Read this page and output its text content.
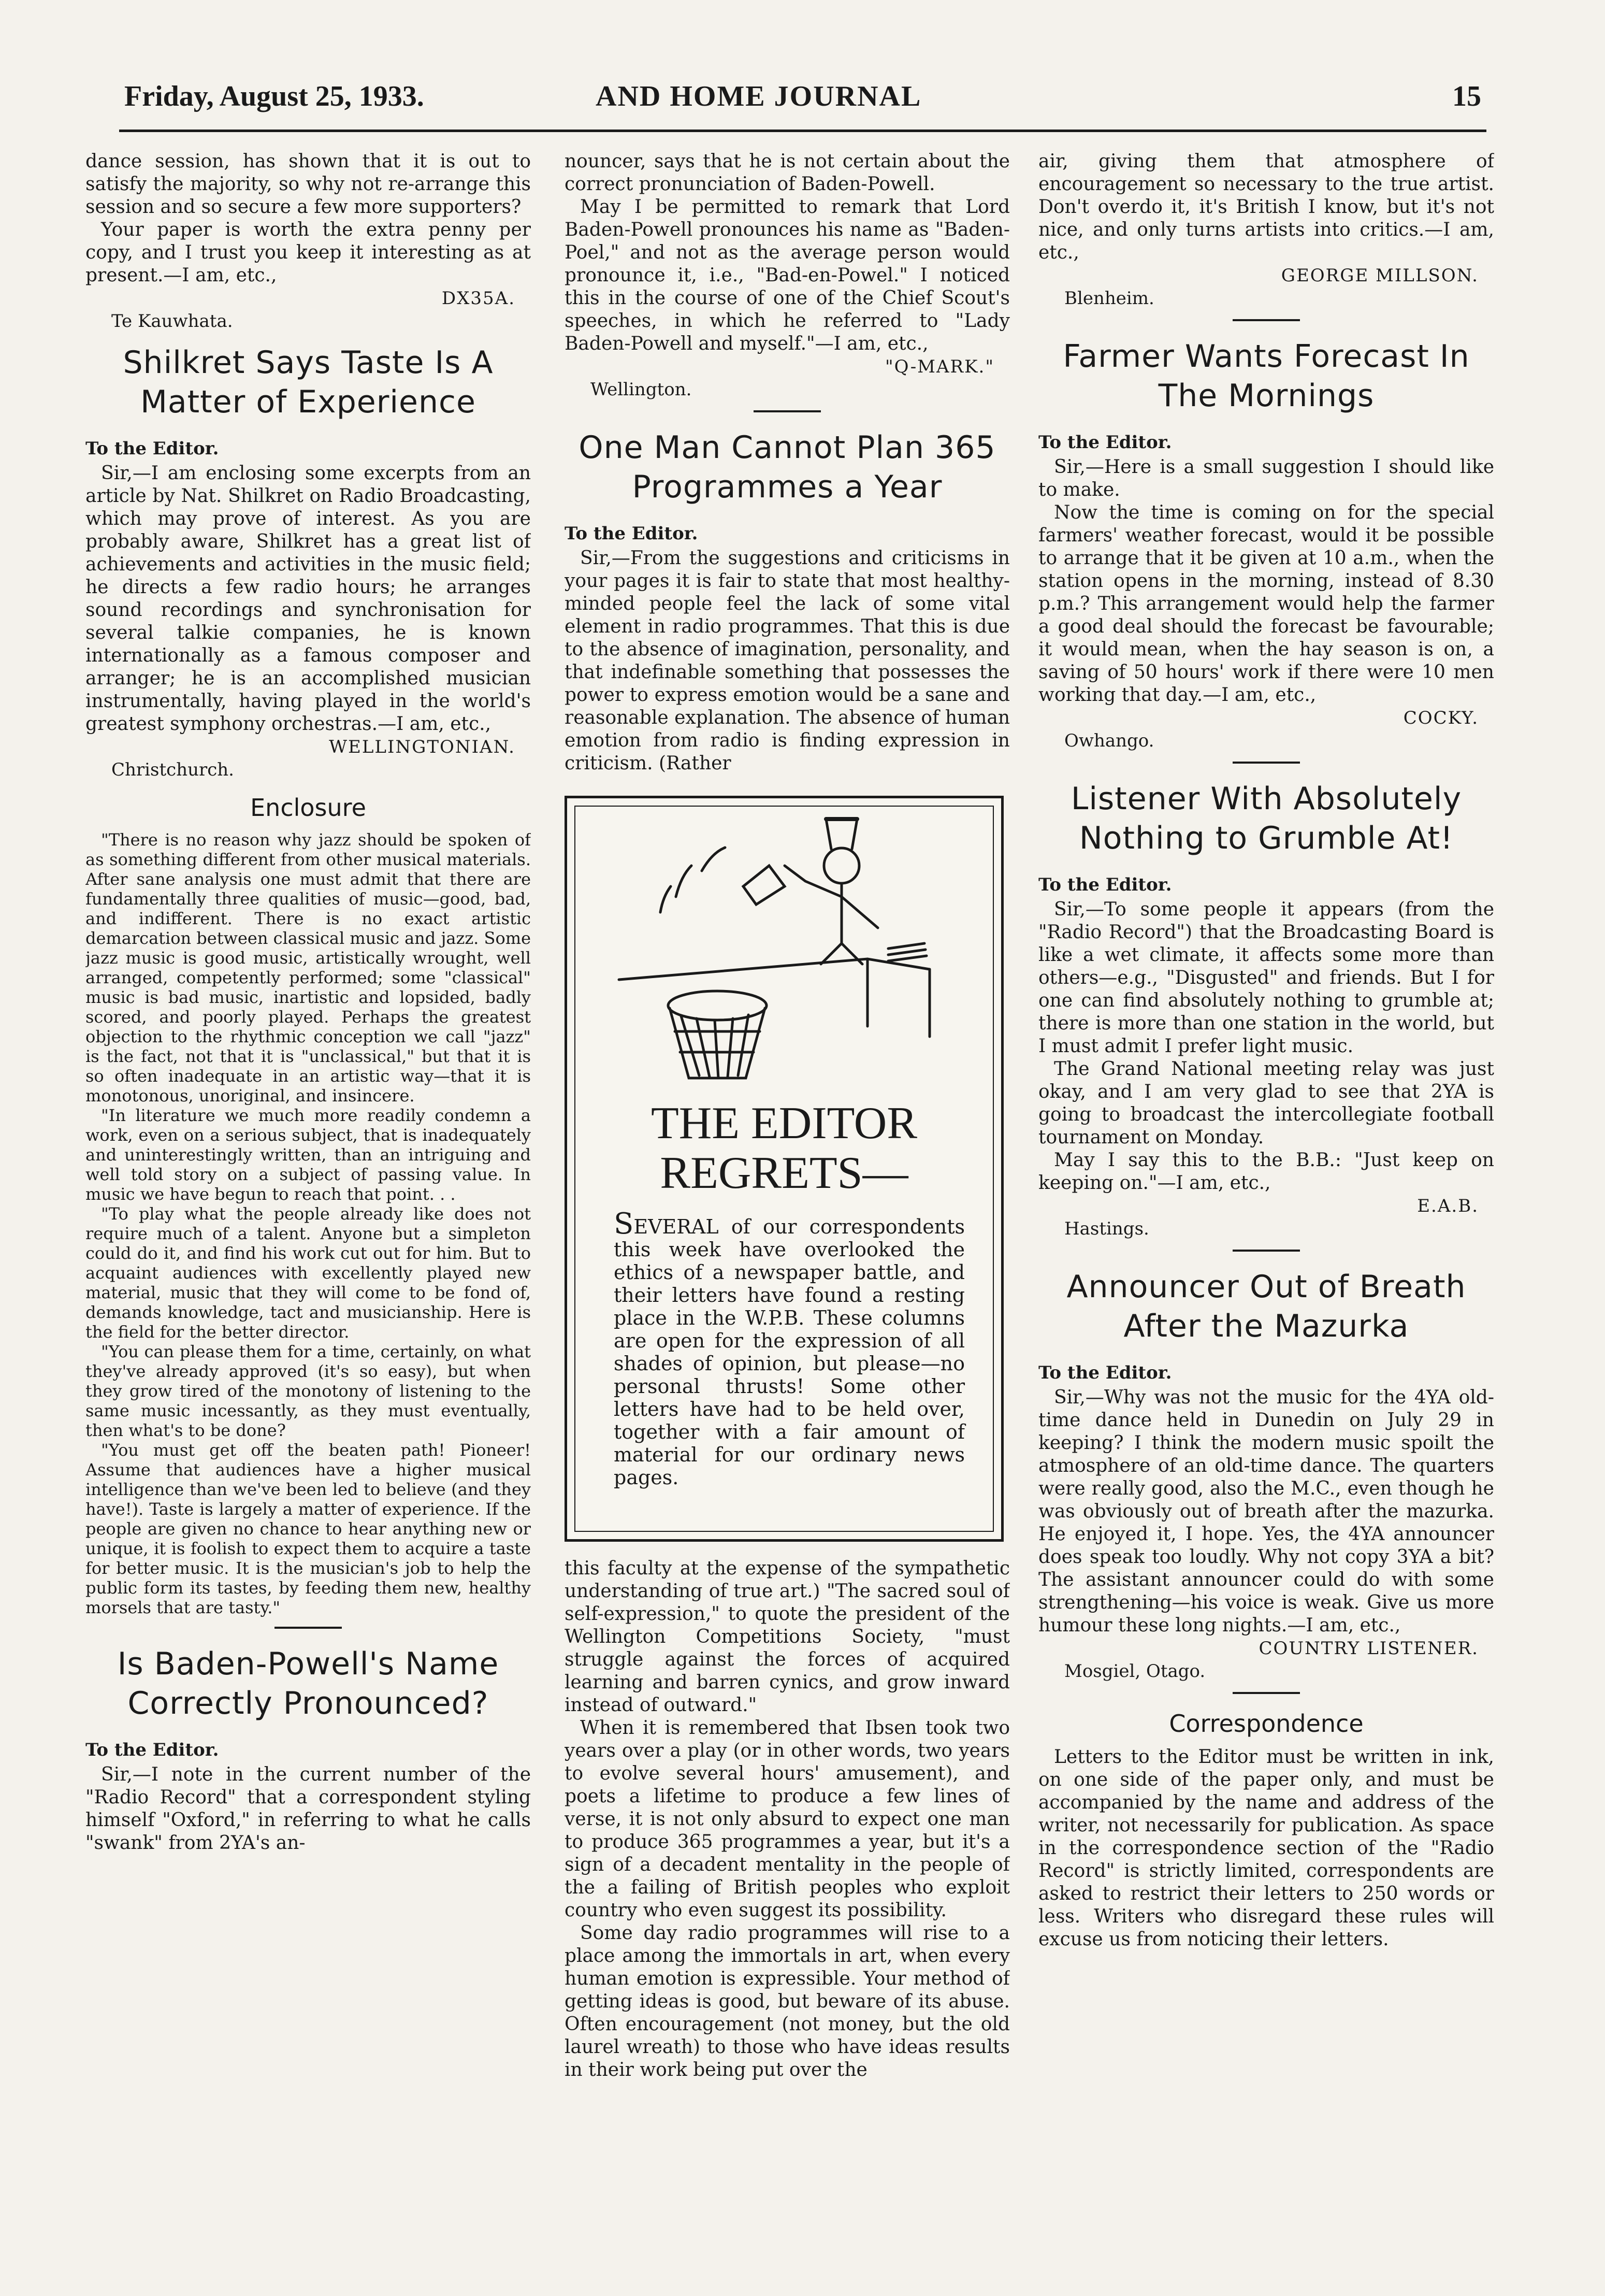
Friday, August 25, 1933.	AND HOME JOURNAL	15

dance session, has shown that it is out to satisfy the majority, so why not re-arrange this session and so secure a few more supporters?

Your paper is worth the extra penny per copy, and I trust you keep it interesting as at present.—I am, etc.,

DX35A.
Te Kauwhata.
Shilkret Says Taste Is A Matter of Experience
To the Editor.

Sir,—I am enclosing some excerpts from an article by Nat. Shilkret on Radio Broadcasting, which may prove of interest. As you are probably aware, Shilkret has a great list of achievements and activities in the music field; he directs a few radio hours; he arranges sound recordings and synchronisation for several talkie companies, he is known internationally as a famous composer and arranger; he is an accomplished musician instrumentally, having played in the world's greatest symphony orchestras.—I am, etc.,

WELLINGTONIAN.
Christchurch.
Enclosure

"There is no reason why jazz should be spoken of as something different from other musical materials. After sane analysis one must admit that there are fundamentally three qualities of music—good, bad, and indifferent. There is no exact artistic demarcation between classical music and jazz. Some jazz music is good music, artistically wrought, well arranged, competently performed; some "classical" music is bad music, inartistic and lopsided, badly scored, and poorly played. Perhaps the greatest objection to the rhythmic conception we call "jazz" is the fact, not that it is "unclassical," but that it is so often inadequate in an artistic way—that it is monotonous, unoriginal, and insincere.

"In literature we much more readily condemn a work, even on a serious subject, that is inadequately and uninterestingly written, than an intriguing and well told story on a subject of passing value. In music we have begun to reach that point. . .

"To play what the people already like does not require much of a talent. Anyone but a simpleton could do it, and find his work cut out for him. But to acquaint audiences with excellently played new material, music that they will come to be fond of, demands knowledge, tact and musicianship. Here is the field for the better director.

"You can please them for a time, certainly, on what they've already approved (it's so easy), but when they grow tired of the monotony of listening to the same music incessantly, as they must eventually, then what's to be done?

"You must get off the beaten path! Pioneer! Assume that audiences have a higher musical intelligence than we've been led to believe (and they have!). Taste is largely a matter of experience. If the people are given no chance to hear anything new or unique, it is foolish to expect them to acquire a taste for better music. It is the musician's job to help the public form its tastes, by feeding them new, healthy morsels that are tasty."

Is Baden-Powell's Name Correctly Pronounced?
To the Editor.

Sir,—I note in the current number of the "Radio Record" that a correspondent styling himself "Oxford," in referring to what he calls "swank" from 2YA's an-

nouncer, says that he is not certain about the correct pronunciation of Baden-Powell.

May I be permitted to remark that Lord Baden-Powell pronounces his name as "Baden-Poel," and not as the average person would pronounce it, i.e., "Bad-en-Powel." I noticed this in the course of one of the Chief Scout's speeches, in which he referred to "Lady Baden-Powell and myself."—I am, etc.,

"Q-MARK."
Wellington.
One Man Cannot Plan 365 Programmes a Year
To the Editor.

Sir,—From the suggestions and criticisms in your pages it is fair to state that most healthy-minded people feel the lack of some vital element in radio programmes. That this is due to the absence of imagination, personality, and that indefinable something that possesses the power to express emotion would be a sane and reasonable explanation. The absence of human emotion from radio is finding expression in criticism. (Rather

THE EDITOR
REGRETS—
SEVERAL of our correspondents this week have overlooked the ethics of a newspaper battle, and their letters have found a resting place in the W.P.B. These columns are open for the expression of all shades of opinion, but please—no personal thrusts! Some other letters have had to be held over, together with a fair amount of material for our ordinary news pages.

this faculty at the expense of the sympathetic understanding of true art.) "The sacred soul of self-expression," to quote the president of the Wellington Competitions Society, "must struggle against the forces of acquired learning and barren cynics, and grow inward instead of outward."

When it is remembered that Ibsen took two years over a play (or in other words, two years to evolve several hours' amusement), and poets a lifetime to produce a few lines of verse, it is not only absurd to expect one man to produce 365 programmes a year, but it's a sign of a decadent mentality in the people of the a failing of British peoples who exploit country who even suggest its possibility.

Some day radio programmes will rise to a place among the immortals in art, when every human emotion is expressible. Your method of getting ideas is good, but beware of its abuse. Often encouragement (not money, but the old laurel wreath) to those who have ideas results in their work being put over the

air, giving them that atmosphere of encouragement so necessary to the true artist. Don't overdo it, it's British I know, but it's not nice, and only turns artists into critics.—I am, etc.,

GEORGE MILLSON.
Blenheim.
Farmer Wants Forecast In The Mornings
To the Editor.

Sir,—Here is a small suggestion I should like to make.

Now the time is coming on for the special farmers' weather forecast, would it be possible to arrange that it be given at 10 a.m., when the station opens in the morning, instead of 8.30 p.m.? This arrangement would help the farmer a good deal should the forecast be favourable; it would mean, when the hay season is on, a saving of 50 hours' work if there were 10 men working that day.—I am, etc.,

COCKY.
Owhango.
Listener With Absolutely Nothing to Grumble At!
To the Editor.

Sir,—To some people it appears (from the "Radio Record") that the Broadcasting Board is like a wet climate, it affects some more than others—e.g., "Disgusted" and friends. But I for one can find absolutely nothing to grumble at; there is more than one station in the world, but I must admit I prefer light music.

The Grand National meeting relay was just okay, and I am very glad to see that 2YA is going to broadcast the intercollegiate football tournament on Monday.

May I say this to the B.B.: "Just keep on keeping on."—I am, etc.,

E.A.B.
Hastings.
Announcer Out of Breath After the Mazurka
To the Editor.

Sir,—Why was not the music for the 4YA old-time dance held in Dunedin on July 29 in keeping? I think the modern music spoilt the atmosphere of an old-time dance. The quarters were really good, also the M.C., even though he was obviously out of breath after the mazurka. He enjoyed it, I hope. Yes, the 4YA announcer does speak too loudly. Why not copy 3YA a bit? The assistant announcer could do with some strengthening—his voice is weak. Give us more humour these long nights.—I am, etc.,

COUNTRY LISTENER.
Mosgiel, Otago.
Correspondence

Letters to the Editor must be written in ink, on one side of the paper only, and must be accompanied by the name and address of the writer, not necessarily for publication. As space in the correspondence section of the "Radio Record" is strictly limited, correspondents are asked to restrict their letters to 250 words or less. Writers who disregard these rules will excuse us from noticing their letters.
